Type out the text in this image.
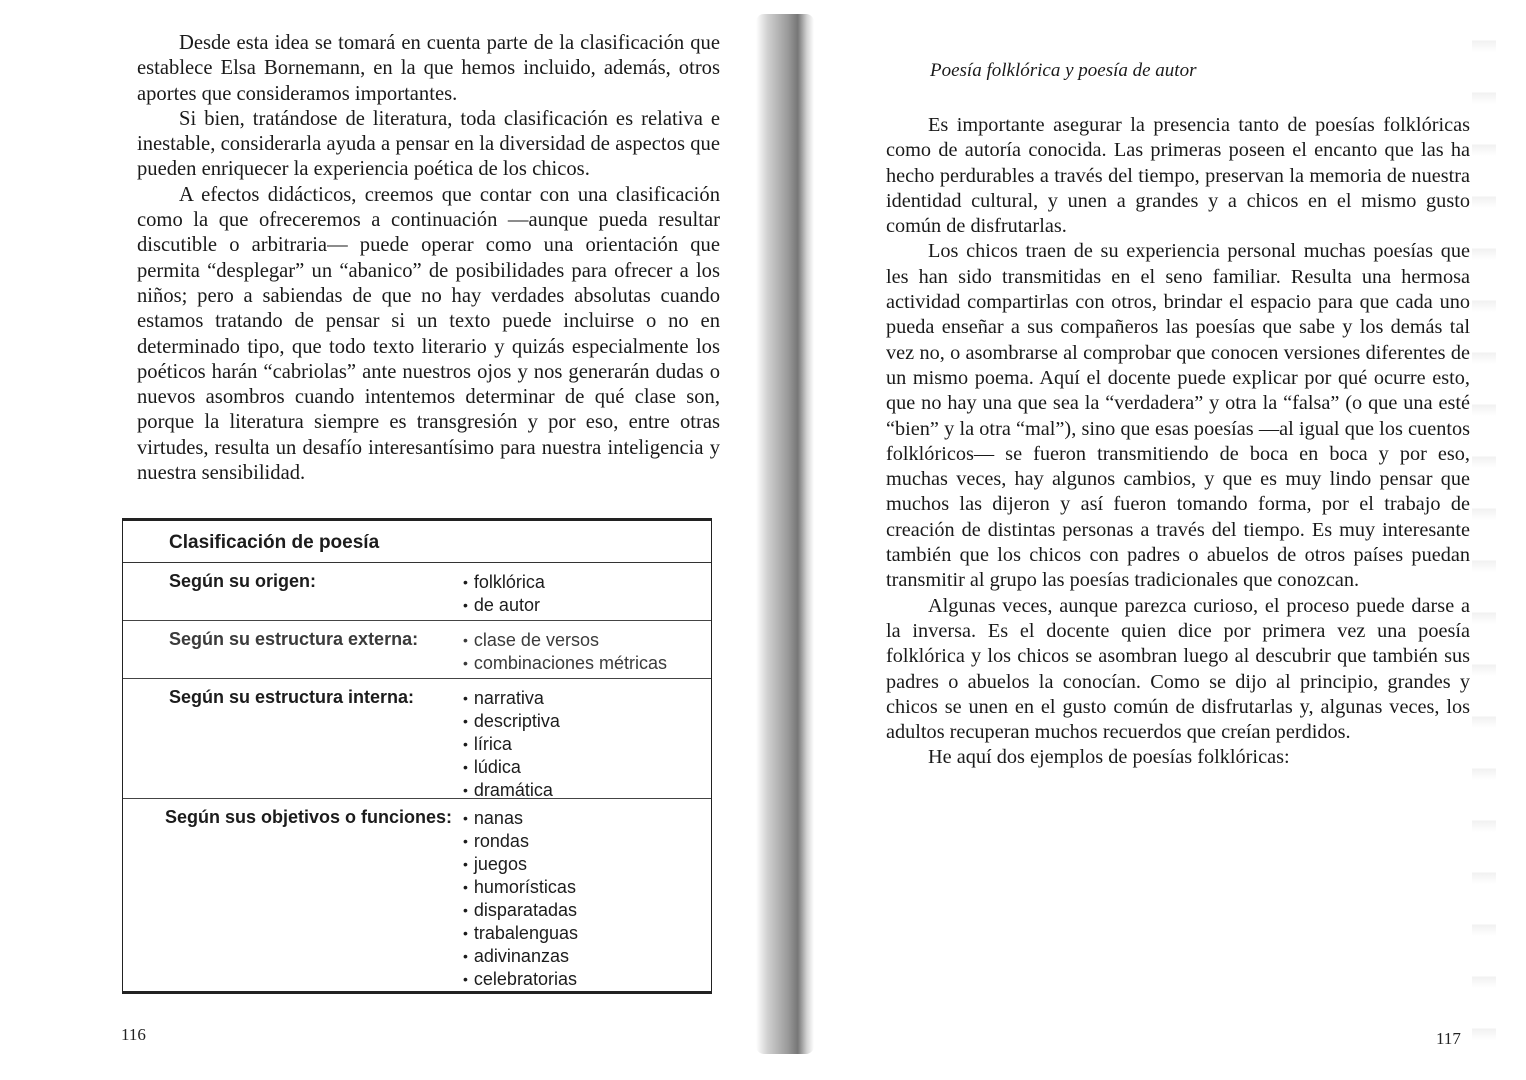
Desde esta idea se tomará en cuenta parte de la clasificación que establece Elsa Bornemann, en la que hemos incluido, además, otros aportes que consideramos importantes.

Si bien, tratándose de literatura, toda clasificación es relativa e inestable, considerarla ayuda a pensar en la diversidad de aspectos que pueden enriquecer la experiencia poética de los chicos.

A efectos didácticos, creemos que contar con una clasificación como la que ofreceremos a continuación —aunque pueda resultar discutible o arbitraria— puede operar como una orientación que permita “desplegar” un “abanico” de posibilidades para ofrecer a los niños; pero a sabiendas de que no hay verdades absolutas cuando estamos tratando de pensar si un texto puede incluirse o no en determinado tipo, que todo texto literario y quizás especialmente los poéticos harán “cabriolas” ante nuestros ojos y nos generarán dudas o nuevos asombros cuando intentemos determinar de qué clase son, porque la literatura siempre es transgresión y por eso, entre otras virtudes, resulta un desafío interesantísimo para nuestra inteligencia y nuestra sensibilidad.

Clasificación de poesía
Según su origen:	• folklórica
• de autor
Según su estructura externa:	• clase de versos
• combinaciones métricas
Según su estructura interna:	• narrativa
• descriptiva
• lírica
• lúdica
• dramática
Según sus objetivos o funciones:	• nanas
• rondas
• juegos
• humorísticas
• disparatadas
• trabalenguas
• adivinanzas
• celebratorias
116
Poesía folklórica y poesía de autor

Es importante asegurar la presencia tanto de poesías folklóricas como de autoría conocida. Las primeras poseen el encanto que las ha hecho perdurables a través del tiempo, preservan la memoria de nuestra identidad cultural, y unen a grandes y a chicos en el mismo gusto común de disfrutarlas.

Los chicos traen de su experiencia personal muchas poesías que les han sido transmitidas en el seno familiar. Resulta una hermosa actividad compartirlas con otros, brindar el espacio para que cada uno pueda enseñar a sus compañeros las poesías que sabe y los demás tal vez no, o asombrarse al comprobar que conocen versiones diferentes de un mismo poema. Aquí el docente puede explicar por qué ocurre esto, que no hay una que sea la “verdadera” y otra la “falsa” (o que una esté “bien” y la otra “mal”), sino que esas poesías —al igual que los cuentos folklóricos— se fueron transmitiendo de boca en boca y por eso, muchas veces, hay algunos cambios, y que es muy lindo pensar que muchos las dijeron y así fueron tomando forma, por el trabajo de creación de distintas personas a través del tiempo. Es muy interesante también que los chicos con padres o abuelos de otros países puedan transmitir al grupo las poesías tradicionales que conozcan.

Algunas veces, aunque parezca curioso, el proceso puede darse a la inversa. Es el docente quien dice por primera vez una poesía folklórica y los chicos se asombran luego al descubrir que también sus padres o abuelos la conocían. Como se dijo al principio, grandes y chicos se unen en el gusto común de disfrutarlas y, algunas veces, los adultos recuperan muchos recuerdos que creían perdidos.

He aquí dos ejemplos de poesías folklóricas:

117
